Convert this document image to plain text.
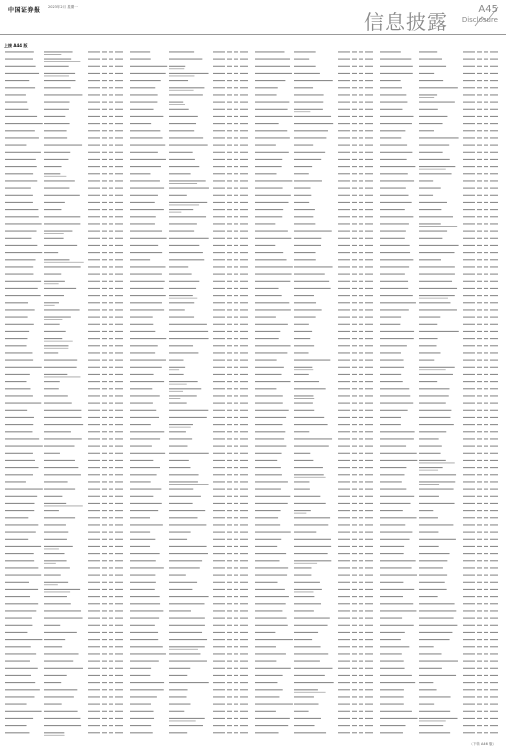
中国证券报 2023年2月 星期一
信息披露
A45
Disclosure
上接 A44 版
（下转 A46 版）
